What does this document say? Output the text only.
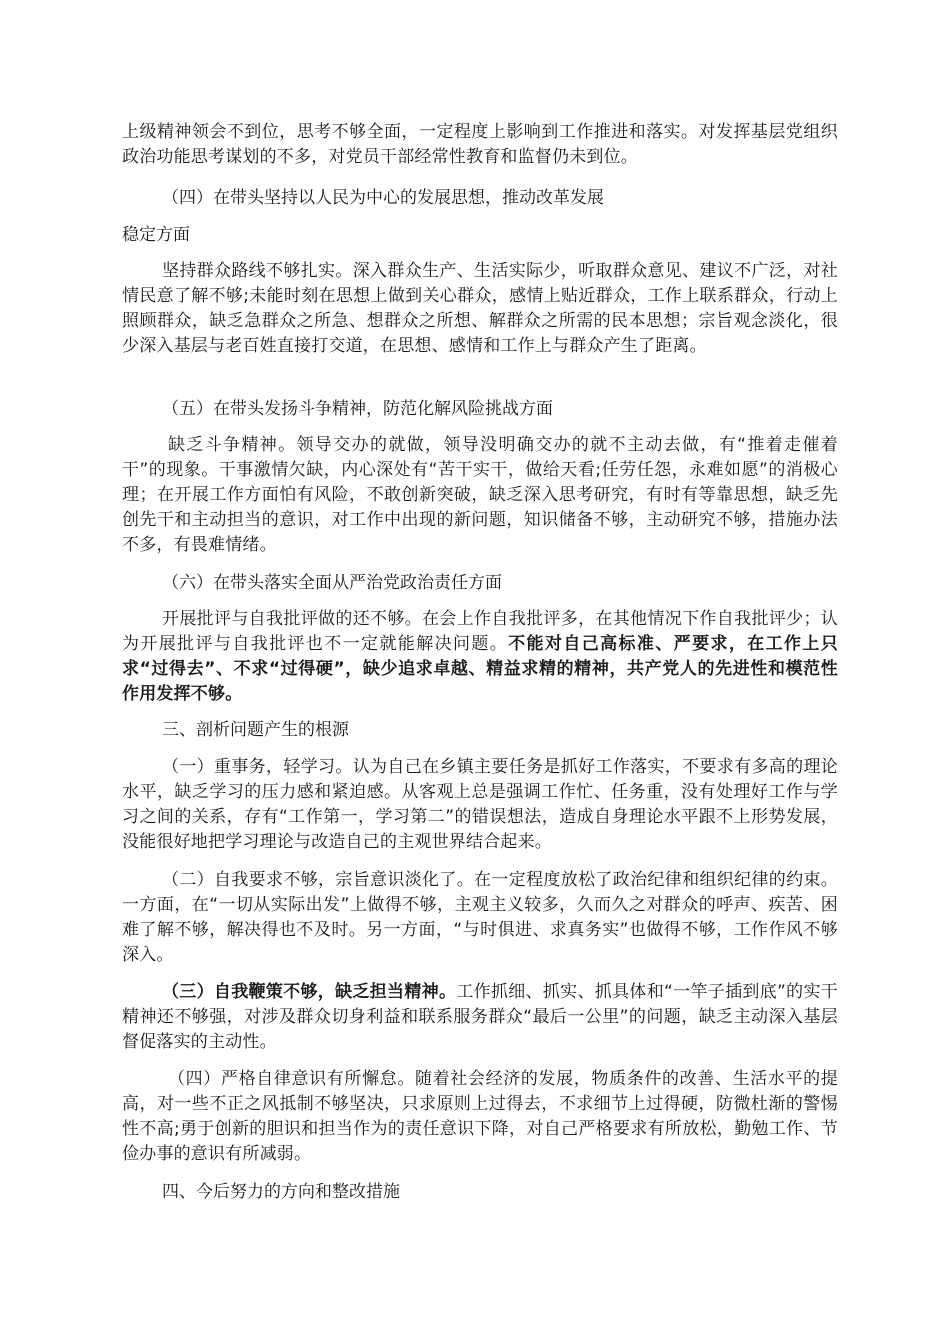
上级精神领会不到位，思考不够全面，一定程度上影响到工作推进和落实。对发挥基层党组织政治功能思考谋划的不多，对党员干部经常性教育和监督仍未到位。

（四）在带头坚持以人民为中心的发展思想，推动改革发展

稳定方面

坚持群众路线不够扎实。深入群众生产、生活实际少，听取群众意见、建议不广泛，对社情民意了解不够;未能时刻在思想上做到关心群众，感情上贴近群众，工作上联系群众，行动上照顾群众，缺乏急群众之所急、想群众之所想、解群众之所需的民本思想；宗旨观念淡化，很少深入基层与老百姓直接打交道，在思想、感情和工作上与群众产生了距离。

（五）在带头发扬斗争精神，防范化解风险挑战方面

缺乏斗争精神。领导交办的就做，领导没明确交办的就不主动去做，有“推着走催着干”的现象。干事激情欠缺，内心深处有“苦干实干，做给天看;任劳任怨，永难如愿”的消极心理；在开展工作方面怕有风险，不敢创新突破，缺乏深入思考研究，有时有等靠思想，缺乏先创先干和主动担当的意识，对工作中出现的新问题，知识储备不够，主动研究不够，措施办法不多，有畏难情绪。

（六）在带头落实全面从严治党政治责任方面

开展批评与自我批评做的还不够。在会上作自我批评多，在其他情况下作自我批评少；认为开展批评与自我批评也不一定就能解决问题。不能对自己高标准、严要求，在工作上只求“过得去”、不求“过得硬”，缺少追求卓越、精益求精的精神，共产党人的先进性和模范性作用发挥不够。

三、剖析问题产生的根源

（一）重事务，轻学习。认为自己在乡镇主要任务是抓好工作落实，不要求有多高的理论水平，缺乏学习的压力感和紧迫感。从客观上总是强调工作忙、任务重，没有处理好工作与学习之间的关系，存有“工作第一，学习第二”的错误想法，造成自身理论水平跟不上形势发展，没能很好地把学习理论与改造自己的主观世界结合起来。

（二）自我要求不够，宗旨意识淡化了。在一定程度放松了政治纪律和组织纪律的约束。一方面，在“一切从实际出发”上做得不够，主观主义较多，久而久之对群众的呼声、疾苦、困难了解不够，解决得也不及时。另一方面，“与时俱进、求真务实”也做得不够，工作作风不够深入。

（三）自我鞭策不够，缺乏担当精神。工作抓细、抓实、抓具体和“一竿子插到底”的实干精神还不够强，对涉及群众切身利益和联系服务群众“最后一公里”的问题，缺乏主动深入基层督促落实的主动性。

（四）严格自律意识有所懈怠。随着社会经济的发展，物质条件的改善、生活水平的提高，对一些不正之风抵制不够坚决，只求原则上过得去，不求细节上过得硬，防微杜渐的警惕性不高;勇于创新的胆识和担当作为的责任意识下降，对自己严格要求有所放松，勤勉工作、节俭办事的意识有所减弱。

四、今后努力的方向和整改措施
